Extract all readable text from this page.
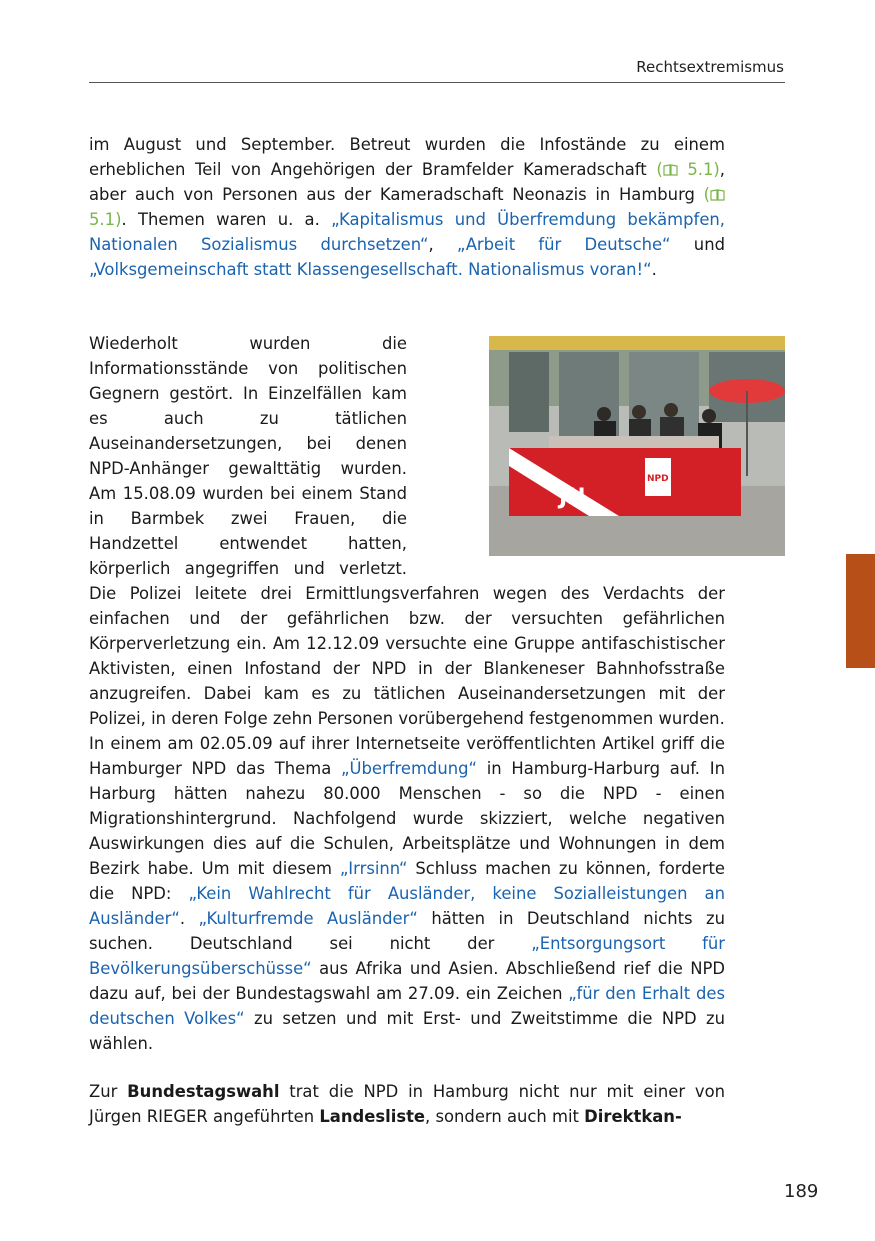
Rechtsextremismus
im August und September. Betreut wurden die Infostände zu einem erheblichen Teil von Angehörigen der Bramfelder Kameradschaft ( 5.1), aber auch von Personen aus der Kameradschaft Neonazis in Hamburg ( 5.1). Themen waren u. a. „Kapitalismus und Überfremdung bekämpfen, Nationalen Sozialismus durchsetzen“, „Arbeit für Deutsche“ und „Volksgemeinschaft statt Klassengesellschaft. Nationalismus voran!“.
Wiederholt wurden die Informationsstände von politischen Gegnern gestört. In Einzelfällen kam es auch zu tätlichen Auseinandersetzungen, bei denen NPD-Anhänger gewalttätig wurden. Am 15.08.09 wurden bei einem Stand in Barmbek zwei Frauen, die Handzettel entwendet hatten, körperlich angegriffen und verletzt. Die Polizei leitete drei Ermittlungsverfahren wegen des Verdachts der einfachen und der gefährlichen bzw. der versuchten gefährlichen Körperverletzung ein. Am 12.12.09 versuchte eine Gruppe antifaschistischer Aktivisten, einen Infostand der NPD in der Blankeneser Bahnhofsstraße anzugreifen. Dabei kam es zu tätlichen Auseinandersetzungen mit der Polizei, in deren Folge zehn Personen vorübergehend festgenommen wurden.
JN
NPD
In einem am 02.05.09 auf ihrer Internetseite veröffentlichten Artikel griff die Hamburger NPD das Thema „Überfremdung“ in Hamburg-Harburg auf. In Harburg hätten nahezu 80.000 Menschen - so die NPD - einen Migrationshintergrund. Nachfolgend wurde skizziert, welche negativen Auswirkungen dies auf die Schulen, Arbeitsplätze und Wohnungen in dem Bezirk habe. Um mit diesem „Irrsinn“ Schluss machen zu können, forderte die NPD: „Kein Wahlrecht für Ausländer, keine Sozialleistungen an Ausländer“. „Kulturfremde Ausländer“ hätten in Deutschland nichts zu suchen. Deutschland sei nicht der „Entsorgungsort für Bevölkerungsüberschüsse“ aus Afrika und Asien. Abschließend rief die NPD dazu auf, bei der Bundestagswahl am 27.09. ein Zeichen „für den Erhalt des deutschen Volkes“ zu setzen und mit Erst- und Zweitstimme die NPD zu wählen.
Zur Bundestagswahl trat die NPD in Hamburg nicht nur mit einer von Jürgen RIEGER angeführten Landesliste, sondern auch mit Direktkan-
189
